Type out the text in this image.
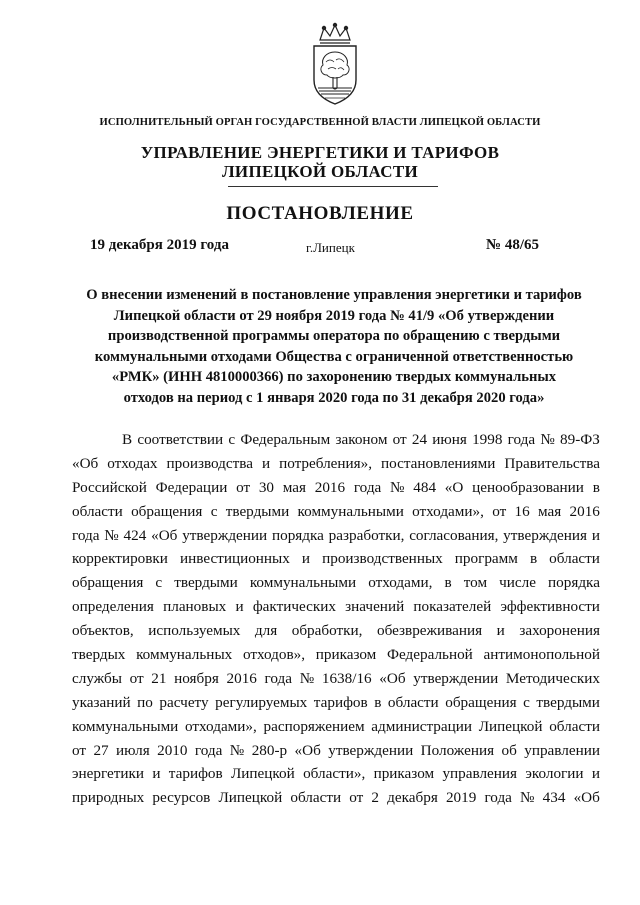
ИСПОЛНИТЕЛЬНЫЙ ОРГАН ГОСУДАРСТВЕННОЙ ВЛАСТИ ЛИПЕЦКОЙ ОБЛАСТИ
УПРАВЛЕНИЕ ЭНЕРГЕТИКИ И ТАРИФОВ
ЛИПЕЦКОЙ ОБЛАСТИ
ПОСТАНОВЛЕНИЕ
19 декабря 2019 года	г.Липецк	№ 48/65
О внесении изменений в постановление управления энергетики и тарифов
Липецкой области от 29 ноября 2019 года № 41/9 «Об утверждении
производственной программы оператора по обращению с твердыми
коммунальными отходами Общества с ограниченной ответственностью
«РМК» (ИНН 4810000366) по захоронению твердых коммунальных
отходов на период с 1 января 2020 года по 31 декабря 2020 года»
В соответствии с Федеральным законом от 24 июня 1998 года № 89-ФЗ
«Об отходах производства и потребления», постановлениями Правительства
Российской Федерации от 30 мая 2016 года № 484 «О ценообразовании в
области обращения с твердыми коммунальными отходами», от 16 мая 2016
года № 424 «Об утверждении порядка разработки, согласования, утверждения и
корректировки инвестиционных и производственных программ в области
обращения с твердыми коммунальными отходами, в том числе порядка
определения плановых и фактических значений показателей эффективности
объектов, используемых для обработки, обезвреживания и захоронения
твердых коммунальных отходов», приказом Федеральной антимонопольной
службы от 21 ноября 2016 года № 1638/16 «Об утверждении Методических
указаний по расчету регулируемых тарифов в области обращения с твердыми
коммунальными отходами», распоряжением администрации Липецкой области
от 27 июля 2010 года № 280-р «Об утверждении Положения об управлении
энергетики и тарифов Липецкой области», приказом управления экологии и
природных ресурсов Липецкой области от 2 декабря 2019 года № 434 «Об
